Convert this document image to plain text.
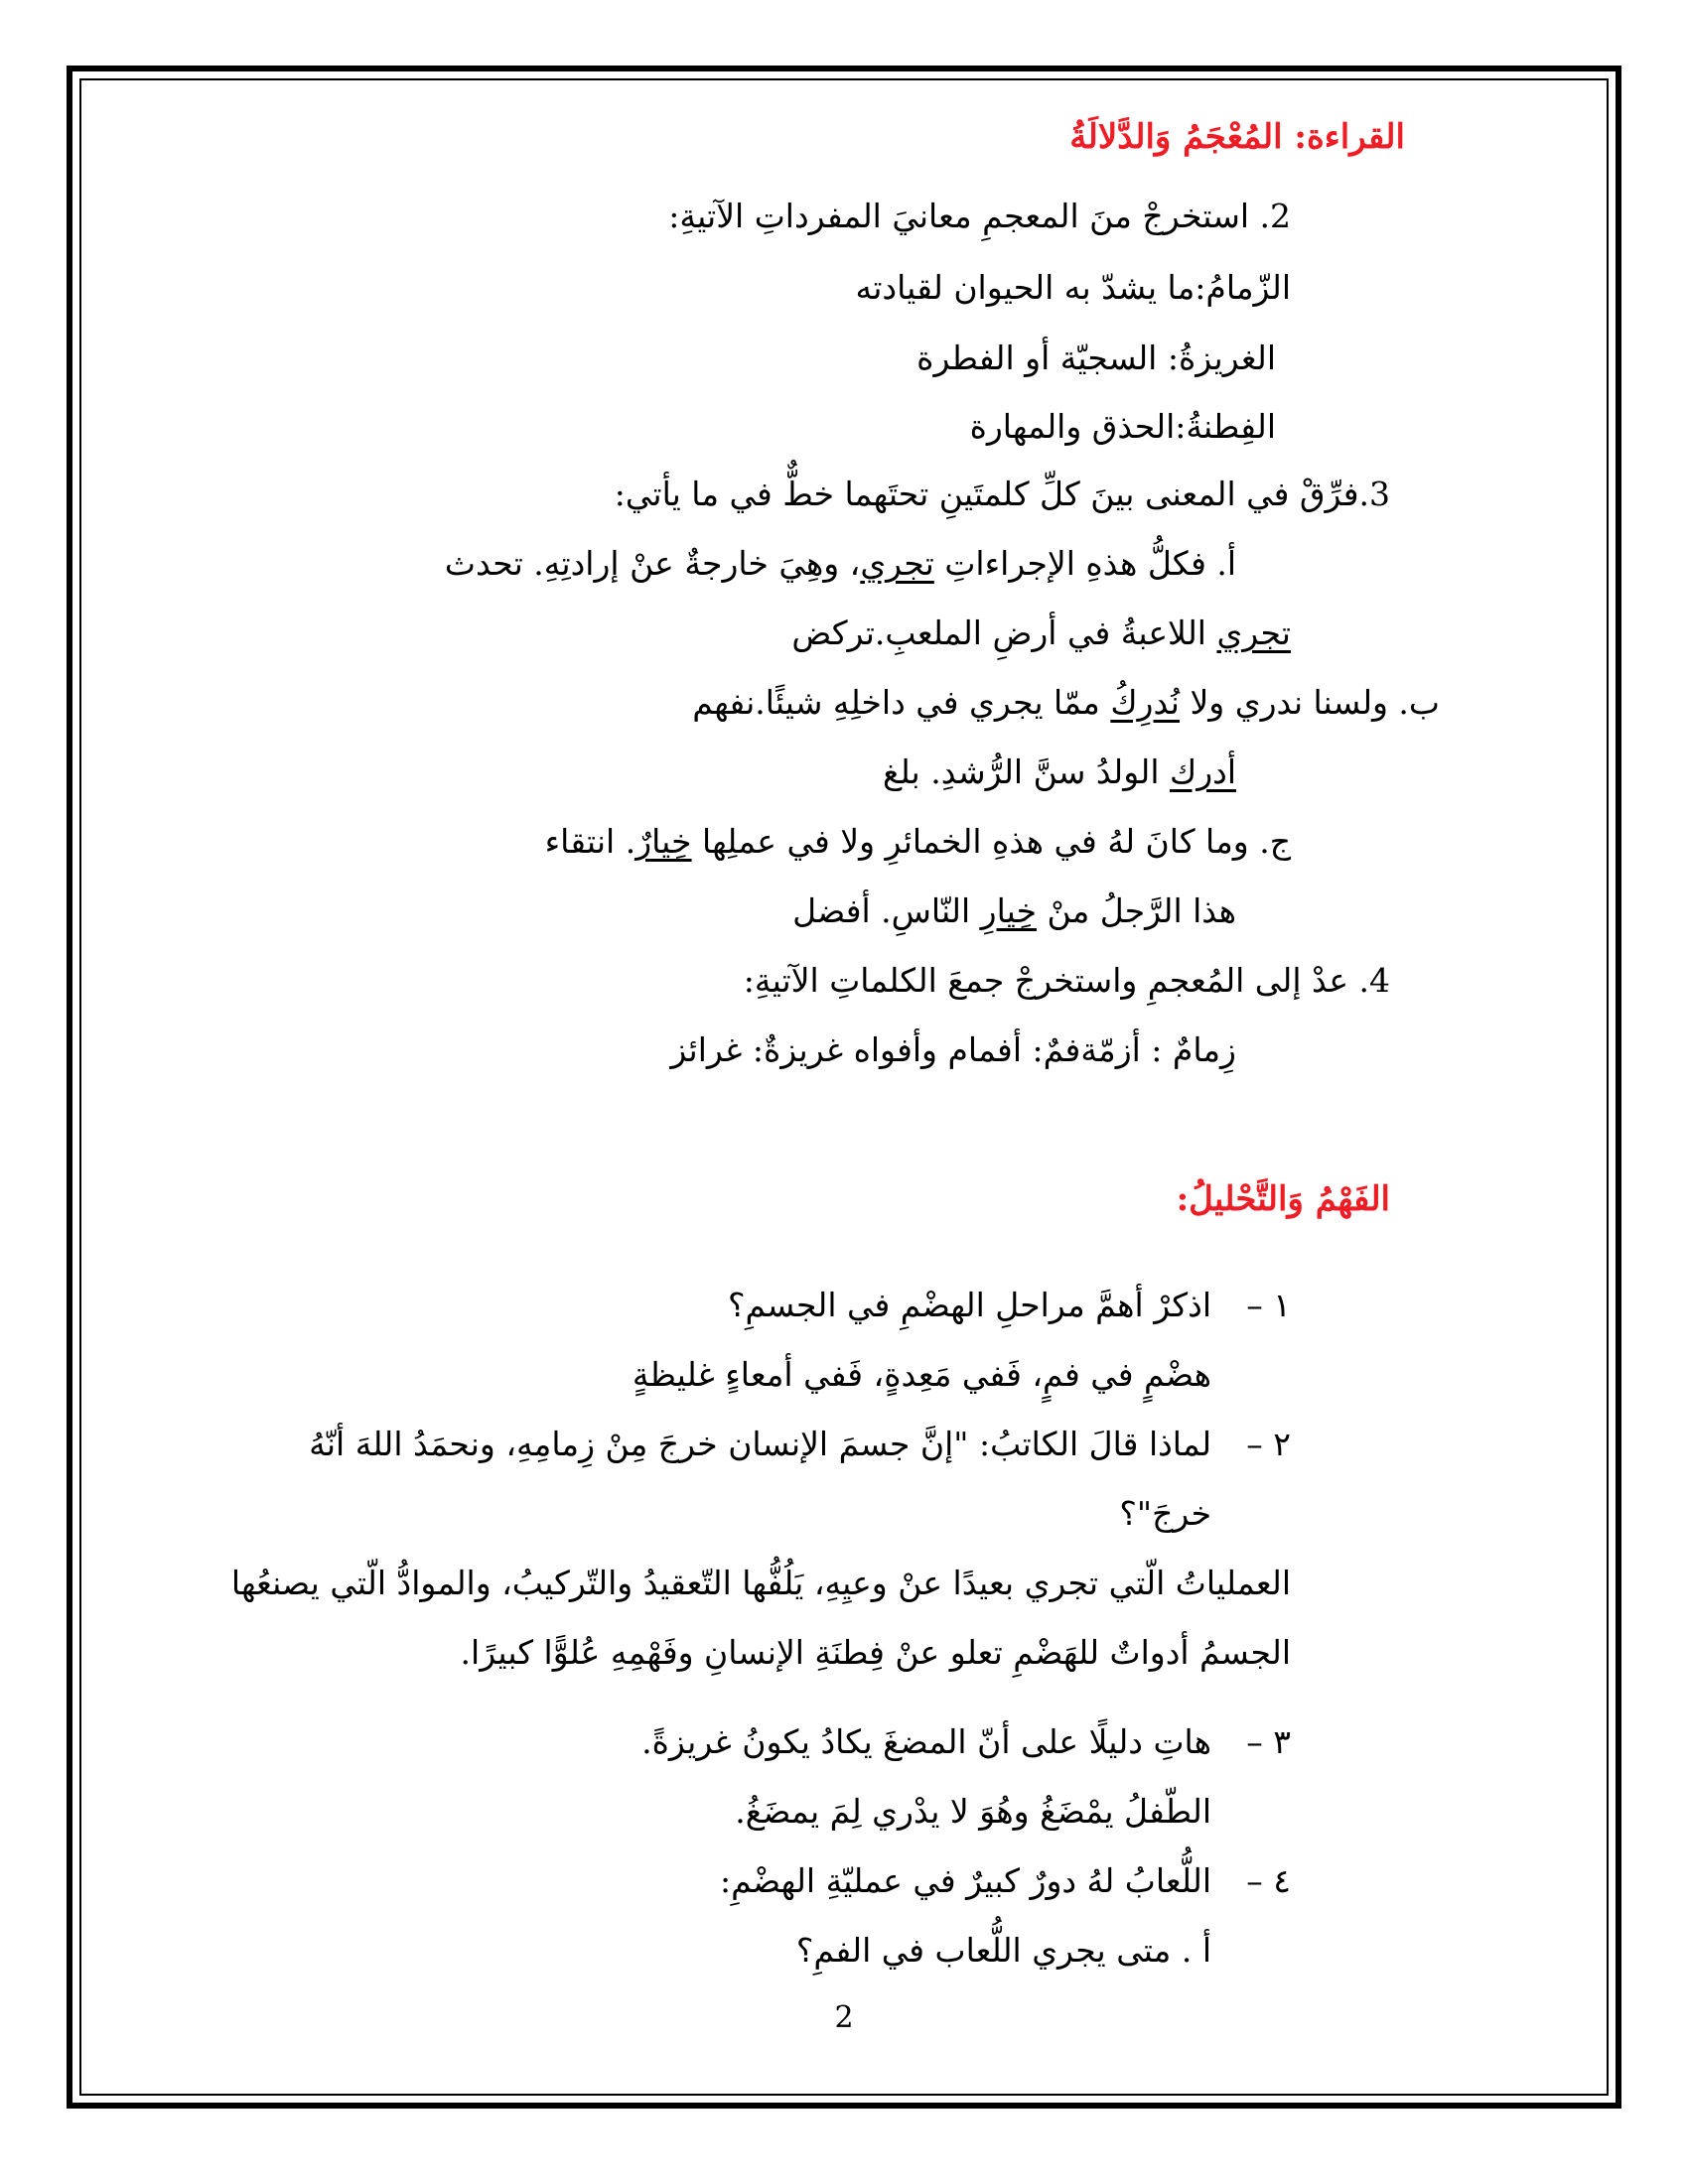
القراءة: المُعْجَمُ وَالدَّلالَةُ
2. استخرجْ منَ المعجمِ معانيَ المفرداتِ الآتيةِ:
الزّمامُ:ما يشدّ به الحيوان لقيادته
الغريزةُ: السجيّة أو الفطرة
الفِطنةُ:الحذق والمهارة
3.فرِّقْ في المعنى بينَ كلِّ كلمتَينِ تحتَهما خطٌّ في ما يأتي:
أ. فكلُّ هذهِ الإجراءاتِ تجري، وهِيَ خارجةٌ عنْ إرادتِهِ. تحدث
تجري اللاعبةُ في أرضِ الملعبِ.تركض
ب. ولسنا ندري ولا نُدرِكُ ممّا يجري في داخلِهِ شيئًا.نفهم
أدرك الولدُ سنَّ الرُّشدِ. بلغ
ج. وما كانَ لهُ في هذهِ الخمائرِ ولا في عملِها خِيارٌ. انتقاء
هذا الرَّجلُ منْ خِيارِ النّاسِ. أفضل
4. عدْ إلى المُعجمِ واستخرجْ جمعَ الكلماتِ الآتيةِ:
زِمامٌ : أزمّةفمٌ: أفمام وأفواه غريزةٌ: غرائز
الفَهْمُ وَالتَّحْليلُ:
١ –اذكرْ أهمَّ مراحلِ الهضْمِ في الجسمِ؟
هضْمٍ في فمٍ، فَفي مَعِدةٍ، فَفي أمعاءٍ غليظةٍ
٢ –لماذا قالَ الكاتبُ: "إنَّ جسمَ الإنسان خرجَ مِنْ زِمامِهِ، ونحمَدُ اللهَ أنّهُ
خرجَ"؟
العملياتُ الّتي تجري بعيدًا عنْ وعيِهِ، يَلُفُّها التّعقيدُ والتّركيبُ، والموادُّ الّتي يصنعُها
الجسمُ أدواتٌ للهَضْمِ تعلو عنْ فِطنَةِ الإنسانِ وفَهْمِهِ عُلوًّا كبيرًا.
٣ –هاتِ دليلًا على أنّ المضغَ يكادُ يكونُ غريزةً.
الطّفلُ يمْضَغُ وهُوَ لا يدْري لِمَ يمضَغُ.
٤ –اللُّعابُ لهُ دورٌ كبيرٌ في عمليّةِ الهضْمِ:
أ . متى يجري اللُّعاب في الفمِ؟
2
